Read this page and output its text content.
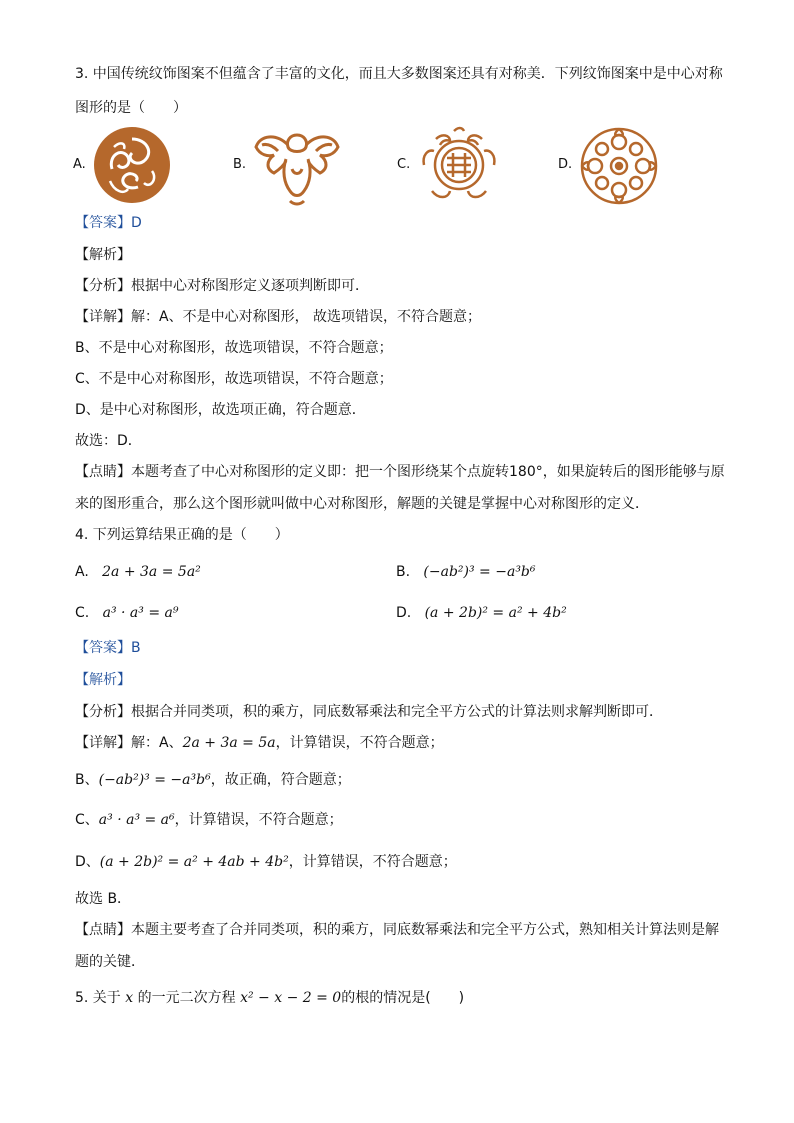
3. 中国传统纹饰图案不但蕴含了丰富的文化，而且大多数图案还具有对称美．下列纹饰图案中是中心对称
图形的是（　　）
A.	B.	C.	D.
【答案】D
【解析】
【分析】根据中心对称图形定义逐项判断即可．
【详解】解：A、不是中心对称图形， 故选项错误，不符合题意；
B、不是中心对称图形，故选项错误，不符合题意；
C、不是中心对称图形，故选项错误，不符合题意；
D、是中心对称图形，故选项正确，符合题意．
故选：D．
【点睛】本题考查了中心对称图形的定义即：把一个图形绕某个点旋转180°，如果旋转后的图形能够与原
来的图形重合，那么这个图形就叫做中心对称图形，解题的关键是掌握中心对称图形的定义．
4. 下列运算结果正确的是（　　）
A. 2a + 3a = 5a²	B. (−ab²)³ = −a³b⁶
C. a³ · a³ = a⁹	D. (a + 2b)² = a² + 4b²
【答案】B
【解析】
【分析】根据合并同类项，积的乘方，同底数幂乘法和完全平方公式的计算法则求解判断即可．
【详解】解：A、2a + 3a = 5a，计算错误，不符合题意；
B、(−ab²)³ = −a³b⁶，故正确，符合题意；
C、a³ · a³ = a⁶，计算错误，不符合题意；
D、(a + 2b)² = a² + 4ab + 4b²，计算错误，不符合题意；
故选 B．
【点睛】本题主要考查了合并同类项，积的乘方，同底数幂乘法和完全平方公式，熟知相关计算法则是解
题的关键．
5. 关于 x 的一元二次方程 x² − x − 2 = 0的根的情况是(　　)
